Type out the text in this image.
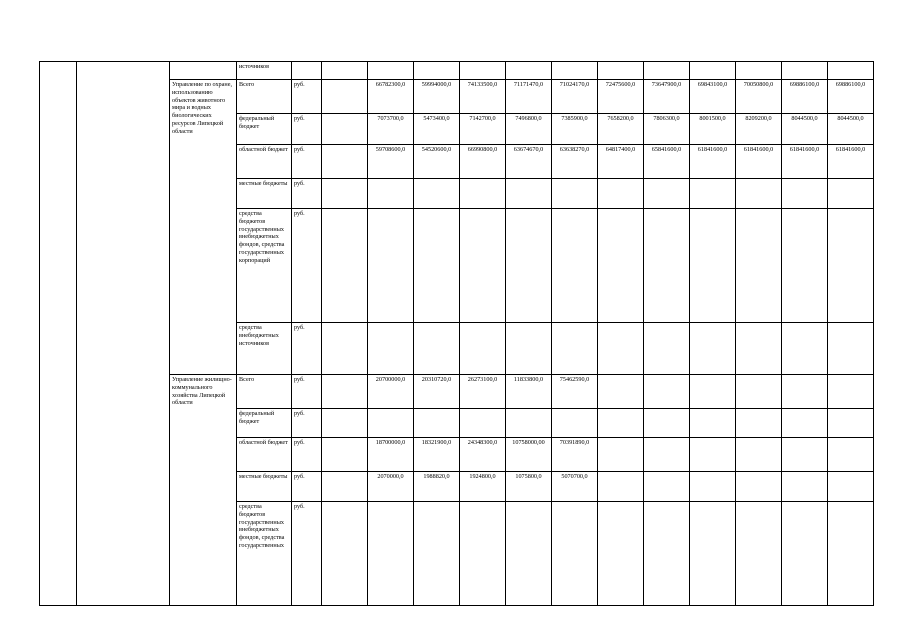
			источников													
		Управление по охране, использованию объектов животного мира и водных биологических ресурсов Липецкой области	Всего	руб.		66782300,0	59994000,0	74133500,0	71171470,0	71024170,0	72475600,0	73647900,0	69843100,0	70050800,0	69886100,0	69886100,0
			федеральный бюджет	руб.		7073700,0	5473400,0	7142700,0	7496800,0	7385900,0	7658200,0	7806300,0	8001500,0	8209200,0	8044500,0	8044500,0
			областной бюджет	руб.		59708600,0	54520600,0	66990800,0	63674670,0	63638270,0	64817400,0	65841600,0	61841600,0	61841600,0	61841600,0	61841600,0
			местные бюджеты	руб.												
			средства бюджетов государственных внебюджетных фондов, средства государственных корпораций	руб.												
			средства внебюджетных источников	руб.												
		Управление жилищно-коммунального хозяйства Липецкой области	Всего	руб.		20700000,0	20310720,0	26273100,0	11833800,0	75462590,0						
			федеральный бюджет	руб.												
			областной бюджет	руб.		18700000,0	18321900,0	24348300,0	10758000,00	70391890,0						
			местные бюджеты	руб.		2070000,0	1988820,0	1924800,0	1075800,0	5070700,0						
			средства бюджетов государственных внебюджетных фондов, средства государственных	руб.												
